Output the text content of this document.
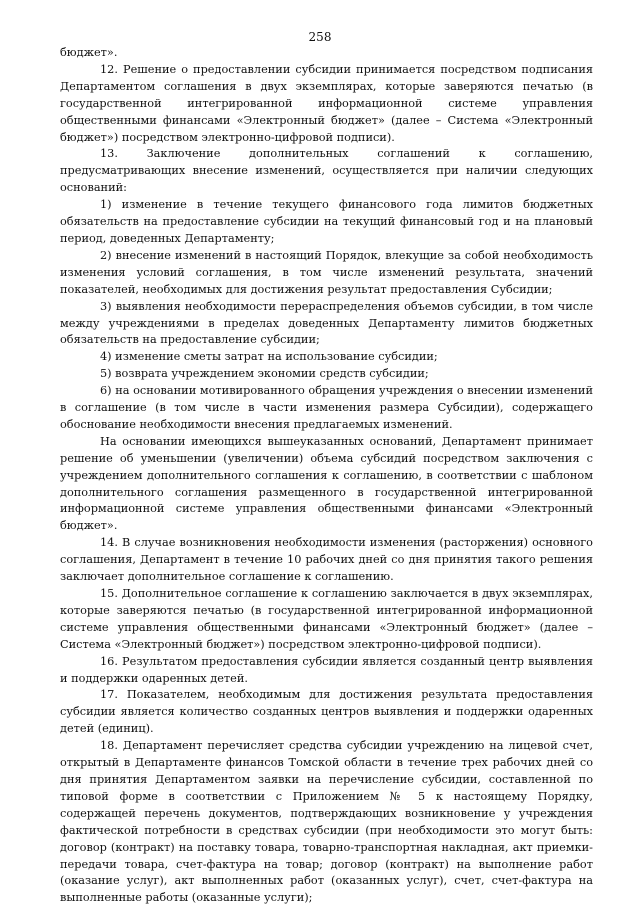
258

бюджет».

12. Решение о предоставлении субсидии принимается посредством подписания Департаментом соглашения в двух экземплярах, которые заверяются печатью (в государственной интегрированной информационной системе управления общественными финансами «Электронный бюджет» (далее – Система «Электронный бюджет») посредством электронно-цифровой подписи).

13. Заключение дополнительных соглашений к соглашению, предусматривающих внесение изменений, осуществляется при наличии следующих оснований:

1) изменение в течение текущего финансового года лимитов бюджетных обязательств на предоставление субсидии на текущий финансовый год и на плановый период, доведенных Департаменту;

2) внесение изменений в настоящий Порядок, влекущие за собой необходимость изменения условий соглашения, в том числе изменений результата, значений показателей, необходимых для достижения результат предоставления Субсидии;

3) выявления необходимости перераспределения объемов субсидии, в том числе между учреждениями в пределах доведенных Департаменту лимитов бюджетных обязательств на предоставление субсидии;

4) изменение сметы затрат на использование субсидии;

5) возврата учреждением экономии средств субсидии;

6) на основании мотивированного обращения учреждения о внесении изменений в соглашение (в том числе в части изменения размера Субсидии), содержащего обоснование необходимости внесения предлагаемых изменений.

На основании имеющихся вышеуказанных оснований, Департамент принимает решение об уменьшении (увеличении) объема субсидий посредством заключения с учреждением дополнительного соглашения к соглашению, в соответствии с шаблоном дополнительного соглашения размещенного в государственной интегрированной информационной системе управления общественными финансами «Электронный бюджет».

14. В случае возникновения необходимости изменения (расторжения) основного соглашения, Департамент в течение 10 рабочих дней со дня принятия такого решения заключает дополнительное соглашение к соглашению.

15. Дополнительное соглашение к соглашению заключается в двух экземплярах, которые заверяются печатью (в государственной интегрированной информационной системе управления общественными финансами «Электронный бюджет» (далее – Система «Электронный бюджет») посредством электронно-цифровой подписи).

16. Результатом предоставления субсидии является созданный центр выявления и поддержки одаренных детей.

17. Показателем, необходимым для достижения результата предоставления субсидии является количество созданных центров выявления и поддержки одаренных детей (единиц).

18. Департамент перечисляет средства субсидии учреждению на лицевой счет, открытый в Департаменте финансов Томской области в течение трех рабочих дней со дня принятия Департаментом заявки на перечисление субсидии, составленной по типовой форме в соответствии с Приложением № 5 к настоящему Порядку, содержащей перечень документов, подтверждающих возникновение у учреждения фактической потребности в средствах субсидии (при необходимости это могут быть: договор (контракт) на поставку товара, товарно-транспортная накладная, акт приемки-передачи товара, счет-фактура на товар; договор (контракт) на выполнение работ (оказание услуг), акт выполненных работ (оказанных услуг), счет, счет-фактура на выполненные работы (оказанные услуги);
